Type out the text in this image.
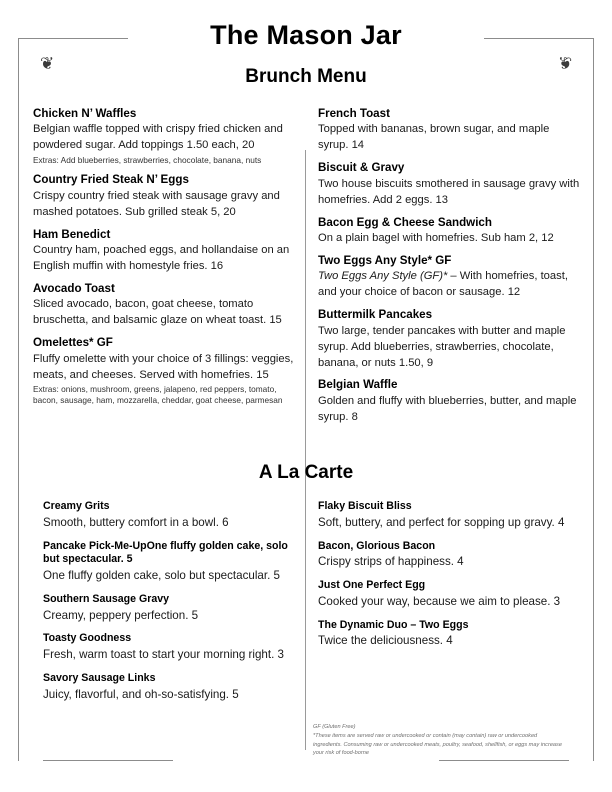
❦	❦
The Mason Jar
Brunch Menu
Chicken N’ Waffles
Belgian waffle topped with crispy fried chicken and powdered sugar. Add toppings 1.50 each, 20
Extras: Add blueberries, strawberries, chocolate, banana, nuts
Country Fried Steak N’ Eggs
Crispy country fried steak with sausage gravy and mashed potatoes. Sub grilled steak 5, 20
Ham Benedict
Country ham, poached eggs, and hollandaise on an English muffin with homestyle fries. 16
Avocado Toast
Sliced avocado, bacon, goat cheese, tomato bruschetta, and balsamic glaze on wheat toast. 15
Omelettes* GF
Fluffy omelette with your choice of 3 fillings: veggies, meats, and cheeses. Served with homefries. 15
Extras: onions, mushroom, greens, jalapeno, red peppers, tomato, bacon, sausage, ham, mozzarella, cheddar, goat cheese, parmesan
French Toast
Topped with bananas, brown sugar, and maple syrup. 14
Biscuit & Gravy
Two house biscuits smothered in sausage gravy with homefries. Add 2 eggs. 13
Bacon Egg & Cheese Sandwich
On a plain bagel with homefries. Sub ham 2, 12
Two Eggs Any Style* GF
Two Eggs Any Style (GF)* – With homefries, toast, and your choice of bacon or sausage. 12
Buttermilk Pancakes
Two large, tender pancakes with butter and maple syrup. Add blueberries, strawberries, chocolate, banana, or nuts 1.50, 9
Belgian Waffle
Golden and fluffy with blueberries, butter, and maple syrup. 8
A La Carte
Creamy Grits
Smooth, buttery comfort in a bowl. 6
Pancake Pick-Me-UpOne fluffy golden cake, solo but spectacular. 5
One fluffy golden cake, solo but spectacular. 5
Southern Sausage Gravy
Creamy, peppery perfection. 5
Toasty Goodness
Fresh, warm toast to start your morning right. 3
Savory Sausage Links
Juicy, flavorful, and oh-so-satisfying. 5
Flaky Biscuit Bliss
Soft, buttery, and perfect for sopping up gravy. 4
Bacon, Glorious Bacon
Crispy strips of happiness. 4
Just One Perfect Egg
Cooked your way, because we aim to please. 3
The Dynamic Duo – Two Eggs
Twice the deliciousness. 4
GF (Gluten Free)
*These items are served raw or undercooked or contain (may contain) raw or undercooked ingredients. Consuming raw or undercooked meats, poultry, seafood, shellfish, or eggs may increase your risk of food-borne
